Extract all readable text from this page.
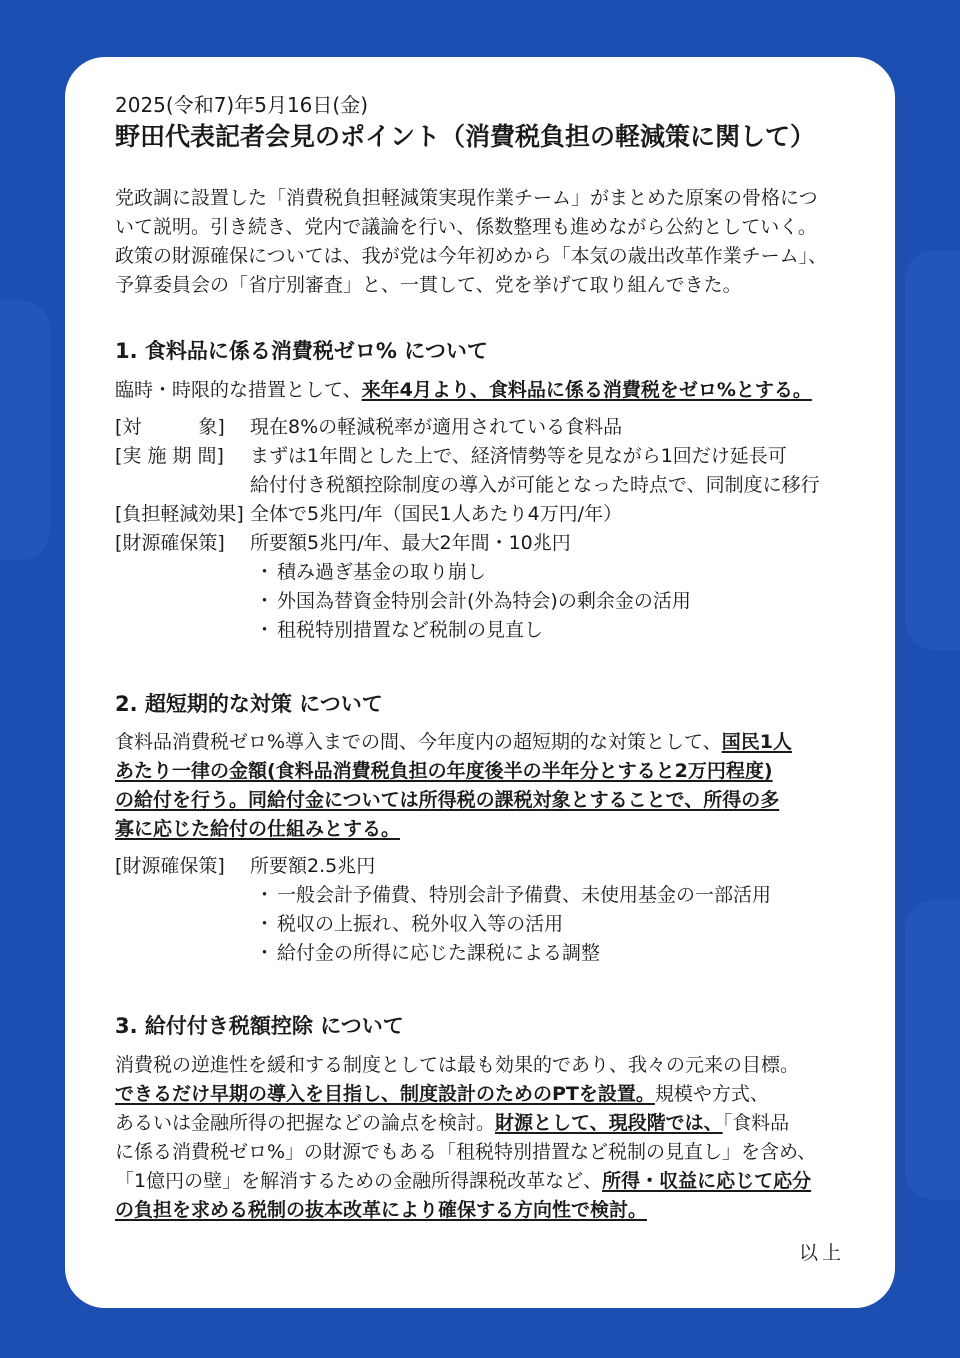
2025(令和7)年5月16日(金)
野田代表記者会見のポイント（消費税負担の軽減策に関して）
党政調に設置した「消費税負担軽減策実現作業チーム」がまとめた原案の骨格につ
いて説明。引き続き、党内で議論を行い、係数整理も進めながら公約としていく。
政策の財源確保については、我が党は今年初めから「本気の歳出改革作業チーム」、
予算委員会の「省庁別審査」と、一貫して、党を挙げて取り組んできた。
1. 食料品に係る消費税ゼロ% について
臨時・時限的な措置として、来年4月より、食料品に係る消費税をゼロ%とする。
[対　　　象]	現在8%の軽減税率が適用されている食料品
[実 施 期 間]	まずは1年間とした上で、経済情勢等を見ながら1回だけ延長可
給付付き税額控除制度の導入が可能となった時点で、同制度に移行
[負担軽減効果] 全体で5兆円/年（国民1人あたり4万円/年）
[財源確保策]	所要額5兆円/年、最大2年間・10兆円
・ 積み過ぎ基金の取り崩し
・ 外国為替資金特別会計(外為特会)の剰余金の活用
・ 租税特別措置など税制の見直し
2. 超短期的な対策 について
食料品消費税ゼロ%導入までの間、今年度内の超短期的な対策として、国民1人
あたり一律の金額(食料品消費税負担の年度後半の半年分とすると2万円程度)
の給付を行う。同給付金については所得税の課税対象とすることで、所得の多
寡に応じた給付の仕組みとする。
[財源確保策]	所要額2.5兆円
・ 一般会計予備費、特別会計予備費、未使用基金の一部活用
・ 税収の上振れ、税外収入等の活用
・ 給付金の所得に応じた課税による調整
3. 給付付き税額控除 について
消費税の逆進性を緩和する制度としては最も効果的であり、我々の元来の目標。
できるだけ早期の導入を目指し、制度設計のためのPTを設置。規模や方式、
あるいは金融所得の把握などの論点を検討。財源として、現段階では、「食料品
に係る消費税ゼロ%」の財源でもある「租税特別措置など税制の見直し」を含め、
「1億円の壁」を解消するための金融所得課税改革など、所得・収益に応じて応分
の負担を求める税制の抜本改革により確保する方向性で検討。
以上
